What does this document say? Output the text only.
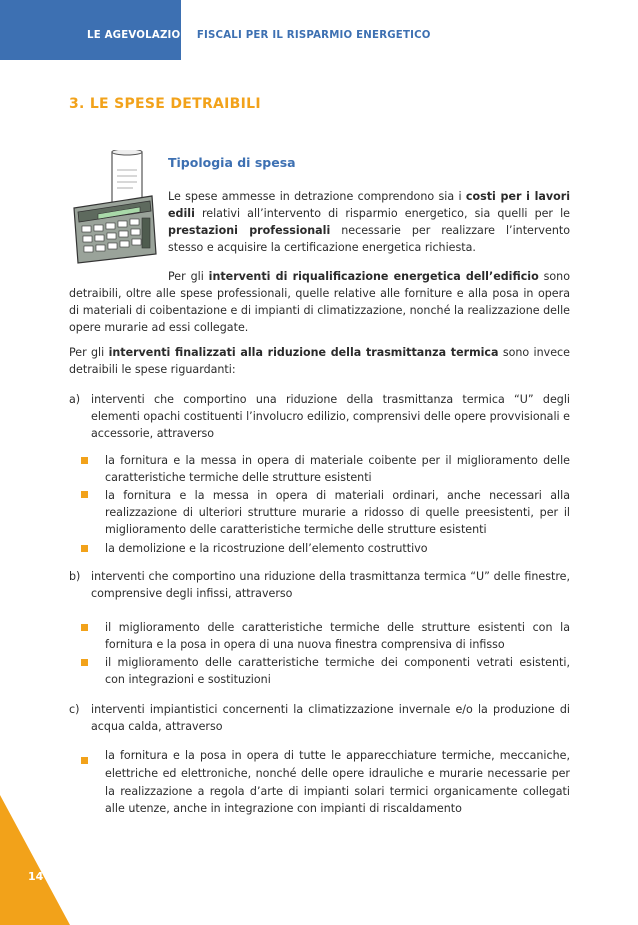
LE AGEVOLAZIONI FISCALI PER IL RISPARMIO ENERGETICO
3. LE SPESE DETRAIBILI
Tipologia di spesa
Le spese ammesse in detrazione comprendono sia i costi per i lavori edili relativi all’intervento di risparmio energetico, sia quelli per le prestazioni professionali necessarie per realizzare l’intervento stesso e acquisire la certificazione energetica richiesta.
Per gli interventi di riqualificazione energetica dell’edificio sono detraibili, oltre alle spese professionali, quelle relative alle forniture e alla posa in opera di materiali di coibentazione e di impianti di climatizzazione, nonché la realizzazione delle opere murarie ad essi collegate.
Per gli interventi finalizzati alla riduzione della trasmittanza termica sono invece detraibili le spese riguardanti:
a) interventi che comportino una riduzione della trasmittanza termica “U” degli elementi opachi costituenti l’involucro edilizio, comprensivi delle opere provvisionali e accessorie, attraverso
la fornitura e la messa in opera di materiale coibente per il miglioramento delle caratteristiche termiche delle strutture esistenti
la fornitura e la messa in opera di materiali ordinari, anche necessari alla realizzazione di ulteriori strutture murarie a ridosso di quelle preesistenti, per il miglioramento delle caratteristiche termiche delle strutture esistenti
la demolizione e la ricostruzione dell’elemento costruttivo
b) interventi che comportino una riduzione della trasmittanza termica “U” delle finestre, comprensive degli infissi, attraverso
il miglioramento delle caratteristiche termiche delle strutture esistenti con la fornitura e la posa in opera di una nuova finestra comprensiva di infisso
il miglioramento delle caratteristiche termiche dei componenti vetrati esistenti, con integrazioni e sostituzioni
c)	interventi impiantistici concernenti la climatizzazione invernale e/o la produzione di acqua calda, attraverso
la fornitura e la posa in opera di tutte le apparecchiature termiche, meccaniche, elettriche ed elettroniche, nonché delle opere idrauliche e murarie necessarie per la realizzazione a regola d’arte di impianti solari termici organicamente collegati alle utenze, anche in integrazione con impianti di riscaldamento
14
